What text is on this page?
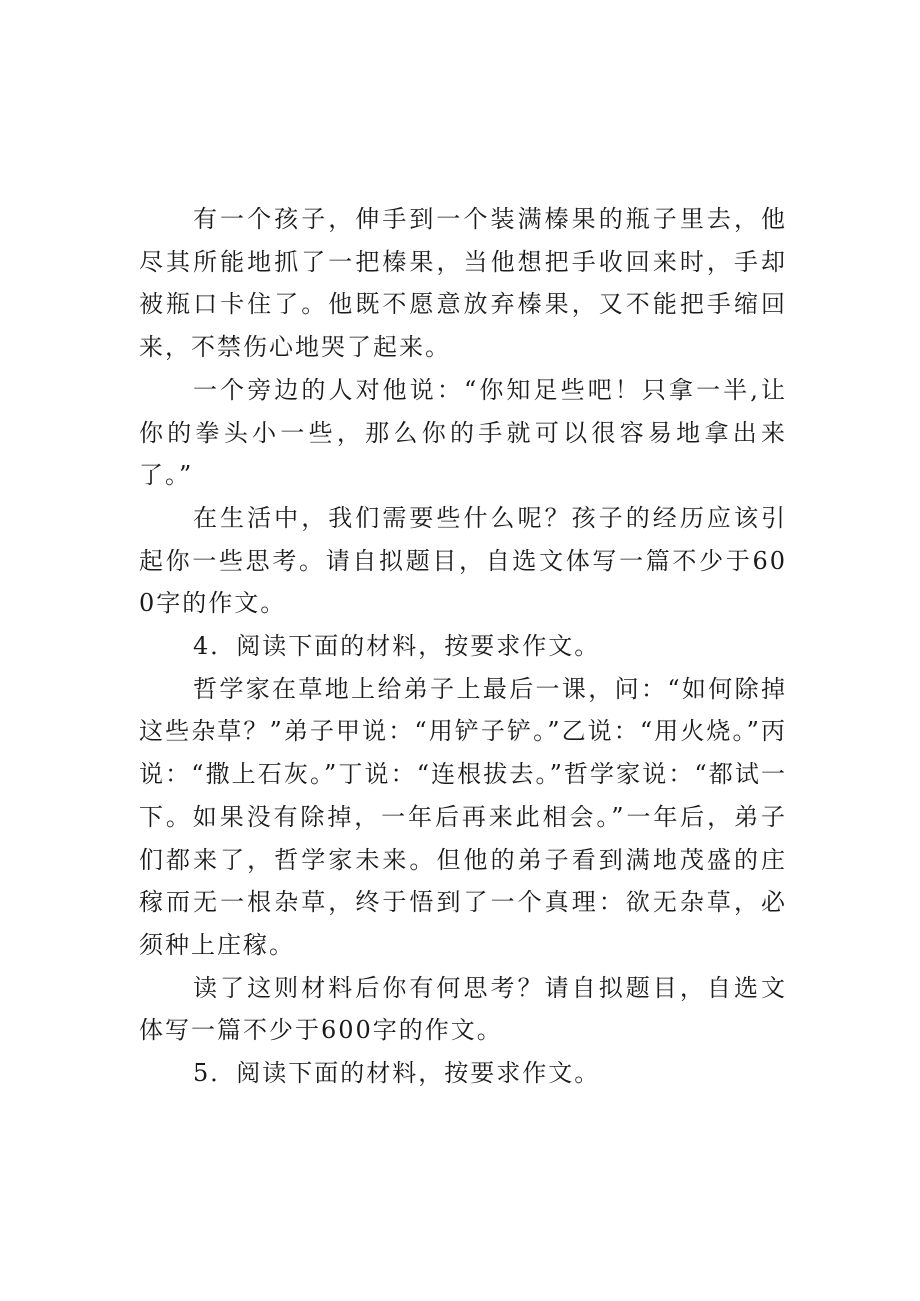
有一个孩子，伸手到一个装满榛果的瓶子里去，他尽其所能地抓了一把榛果，当他想把手收回来时，手却被瓶口卡住了。他既不愿意放弃榛果，又不能把手缩回来，不禁伤心地哭了起来。

一个旁边的人对他说：“你知足些吧！只拿一半,让你的拳头小一些，那么你的手就可以很容易地拿出来了。”

在生活中，我们需要些什么呢？孩子的经历应该引起你一些思考。请自拟题目，自选文体写一篇不少于600字的作文。

4．阅读下面的材料，按要求作文。

哲学家在草地上给弟子上最后一课，问：“如何除掉这些杂草？”弟子甲说：“用铲子铲。”乙说：“用火烧。”丙说：“撒上石灰。”丁说：“连根拔去。”哲学家说：“都试一下。如果没有除掉，一年后再来此相会。”一年后，弟子们都来了，哲学家未来。但他的弟子看到满地茂盛的庄稼而无一根杂草，终于悟到了一个真理：欲无杂草，必须种上庄稼。

读了这则材料后你有何思考？请自拟题目，自选文体写一篇不少于600字的作文。

5．阅读下面的材料，按要求作文。
